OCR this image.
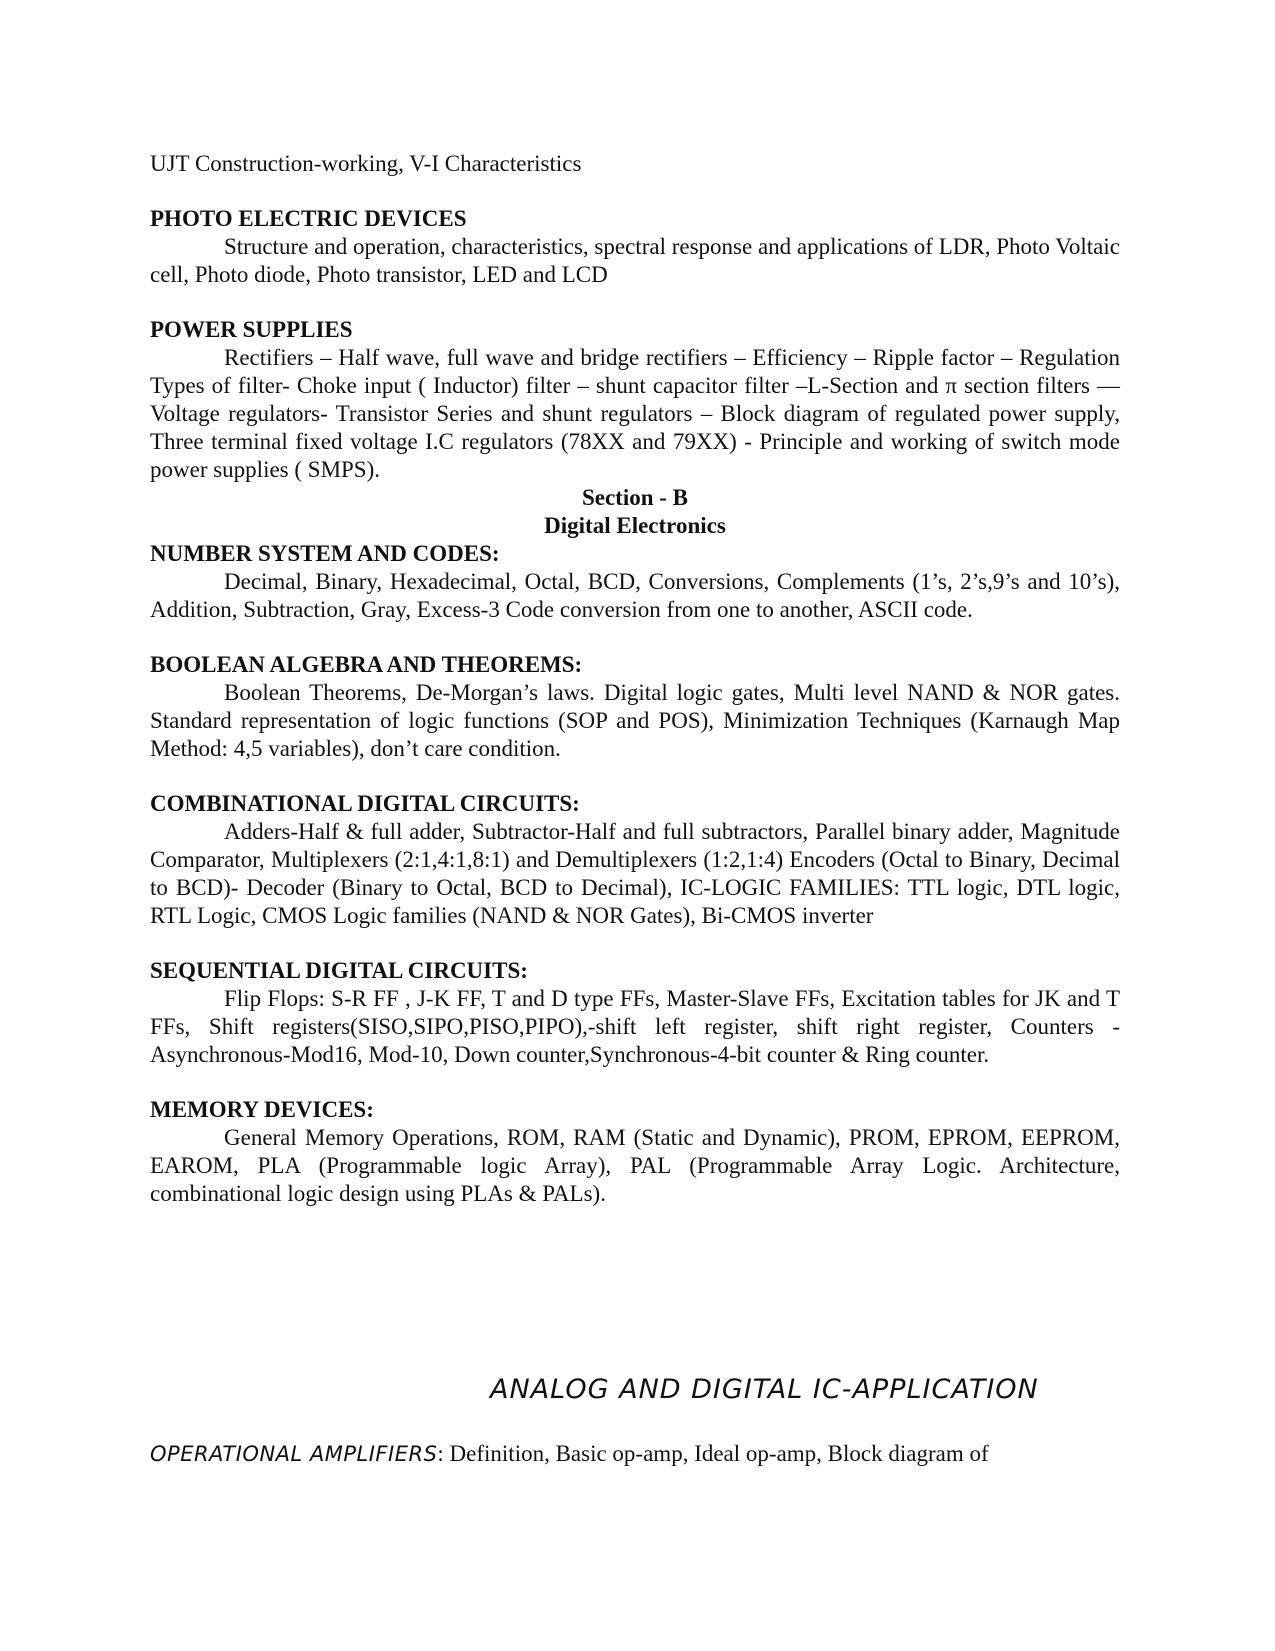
UJT Construction-working, V-I Characteristics

PHOTO ELECTRIC DEVICES

Structure and operation, characteristics, spectral response and applications of LDR, Photo Voltaic cell, Photo diode, Photo transistor, LED and LCD

POWER SUPPLIES

Rectifiers – Half wave, full wave and bridge rectifiers – Efficiency – Ripple factor – Regulation Types of filter- Choke input ( Inductor) filter – shunt capacitor filter –L-Section and π section filters — Voltage regulators- Transistor Series and shunt regulators – Block diagram of regulated power supply, Three terminal fixed voltage I.C regulators (78XX and 79XX) - Principle and working of switch mode power supplies ( SMPS).

Section - B

Digital Electronics

NUMBER SYSTEM AND CODES:

Decimal, Binary, Hexadecimal, Octal, BCD, Conversions, Complements (1’s, 2’s,9’s and 10’s), Addition, Subtraction, Gray, Excess-3 Code conversion from one to another, ASCII code.

BOOLEAN ALGEBRA AND THEOREMS:

Boolean Theorems, De-Morgan’s laws. Digital logic gates, Multi level NAND & NOR gates. Standard representation of logic functions (SOP and POS), Minimization Techniques (Karnaugh Map Method: 4,5 variables), don’t care condition.

COMBINATIONAL DIGITAL CIRCUITS:

Adders-Half & full adder, Subtractor-Half and full subtractors, Parallel binary adder, Magnitude Comparator, Multiplexers (2:1,4:1,8:1) and Demultiplexers (1:2,1:4) Encoders (Octal to Binary, Decimal to BCD)- Decoder (Binary to Octal, BCD to Decimal), IC-LOGIC FAMILIES: TTL logic, DTL logic, RTL Logic, CMOS Logic families (NAND & NOR Gates), Bi-CMOS inverter

SEQUENTIAL DIGITAL CIRCUITS:

Flip Flops: S-R FF , J-K FF, T and D type FFs, Master-Slave FFs, Excitation tables for JK and T FFs, Shift registers(SISO,SIPO,PISO,PIPO),-shift left register, shift right register, Counters - Asynchronous-Mod16, Mod-10, Down counter,Synchronous-4-bit counter & Ring counter.

MEMORY DEVICES:

General Memory Operations, ROM, RAM (Static and Dynamic), PROM, EPROM, EEPROM, EAROM, PLA (Programmable logic Array), PAL (Programmable Array Logic. Architecture, combinational logic design using PLAs & PALs).

ANALOG AND DIGITAL IC-APPLICATION
OPERATIONAL AMPLIFIERS: Definition, Basic op-amp, Ideal op-amp, Block diagram of
